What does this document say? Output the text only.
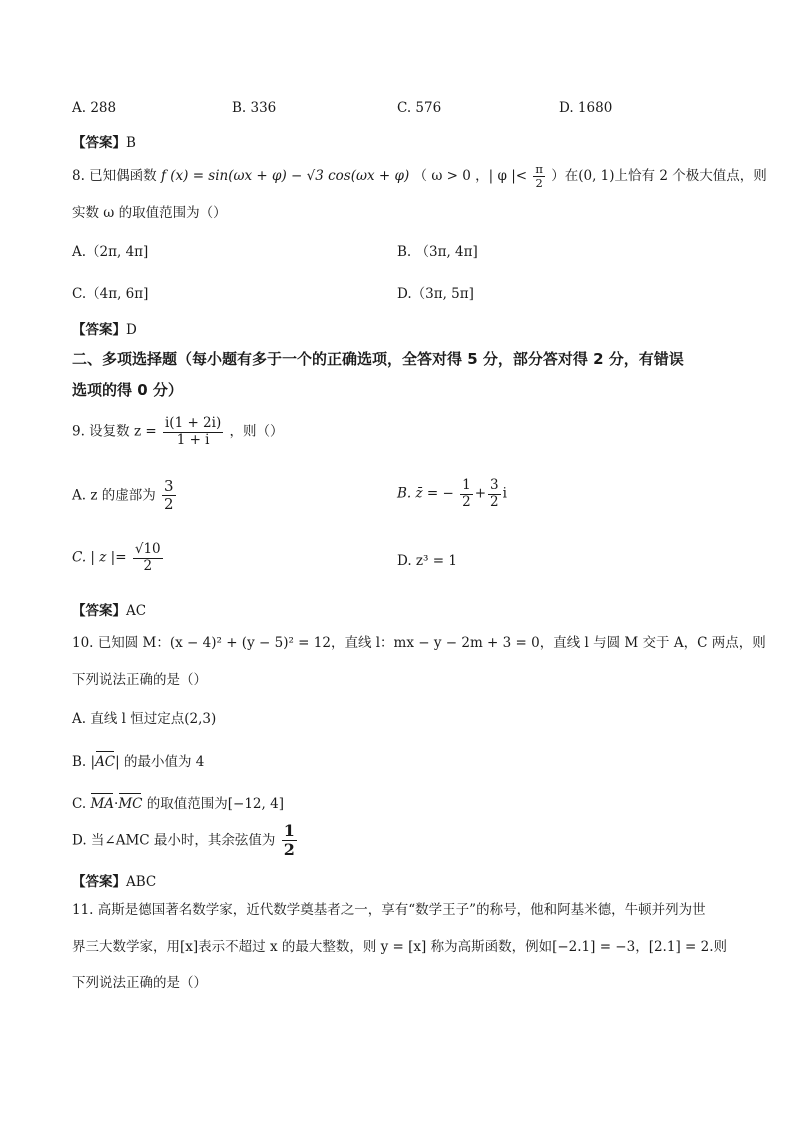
A. 288	B. 336	C. 576	D. 1680
【答案】B
8. 已知偶函数 f (x) = sin(ωx + φ) − √3 cos(ωx + φ) （ ω > 0 ，| φ |< $\frac{\pi}{2}$ ）在(0, 1)上恰有 2 个极大值点，则
实数 ω 的取值范围为（）
A.（2π, 4π]	B. （3π, 4π]
C.（4π, 6π]	D.（3π, 5π]
【答案】D
二、多项选择题（每小题有多于一个的正确选项，全答对得 5 分，部分答对得 2 分，有错误
选项的得 0 分）
9. 设复数 $z = \frac{i(1 + 2i)}{1 + i}$ ，则（）
A. z 的虚部为 $\frac{3}{2}$	B. z̄ = − $\frac{1}{2} + \frac{3}{2}$ i
C. | z |= $\frac{√10}{2}$	D. z³ = 1
【答案】AC
10. 已知圆 M：(x − 4)² + (y − 5)² = 12，直线 l：mx − y − 2m + 3 = 0，直线 l 与圆 M 交于 A，C 两点，则
下列说法正确的是（）
A. 直线 l 恒过定点(2,3)
B. |AC| 的最小值为 4
C. MA·MC 的取值范围为[−12, 4]
D. 当∠AMC 最小时，其余弦值为 $\frac{1}{2}$
【答案】ABC
11. 高斯是德国著名数学家，近代数学奠基者之一，享有“数学王子”的称号，他和阿基米德，牛顿并列为世
界三大数学家，用[x]表示不超过 x 的最大整数，则 y = [x] 称为高斯函数，例如[−2.1] = −3，[2.1] = 2.则
下列说法正确的是（）
